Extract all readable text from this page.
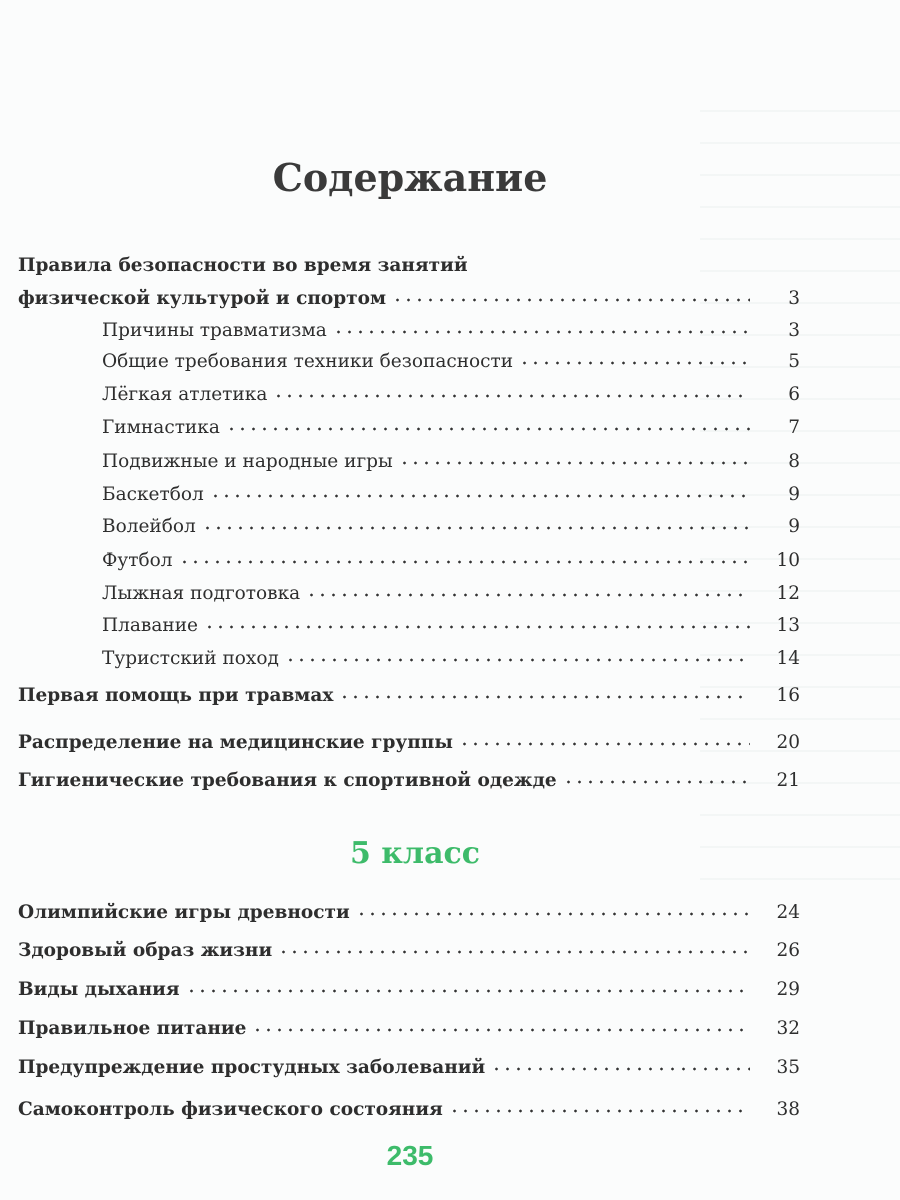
Содержание
Правила безопасности во время занятий
физической культурой и спортом	3
Причины травматизма	3
Общие требования техники безопасности	5
Лёгкая атлетика	6
Гимнастика	7
Подвижные и народные игры	8
Баскетбол	9
Волейбол	9
Футбол	10
Лыжная подготовка	12
Плавание	13
Туристский поход	14
Первая помощь при травмах	16
Распределение на медицинские группы	20
Гигиенические требования к спортивной одежде	21
Олимпийские игры древности	24
Здоровый образ жизни	26
Виды дыхания	29
Правильное питание	32
Предупреждение простудных заболеваний	35
Самоконтроль физического состояния	38
5 класс
235
